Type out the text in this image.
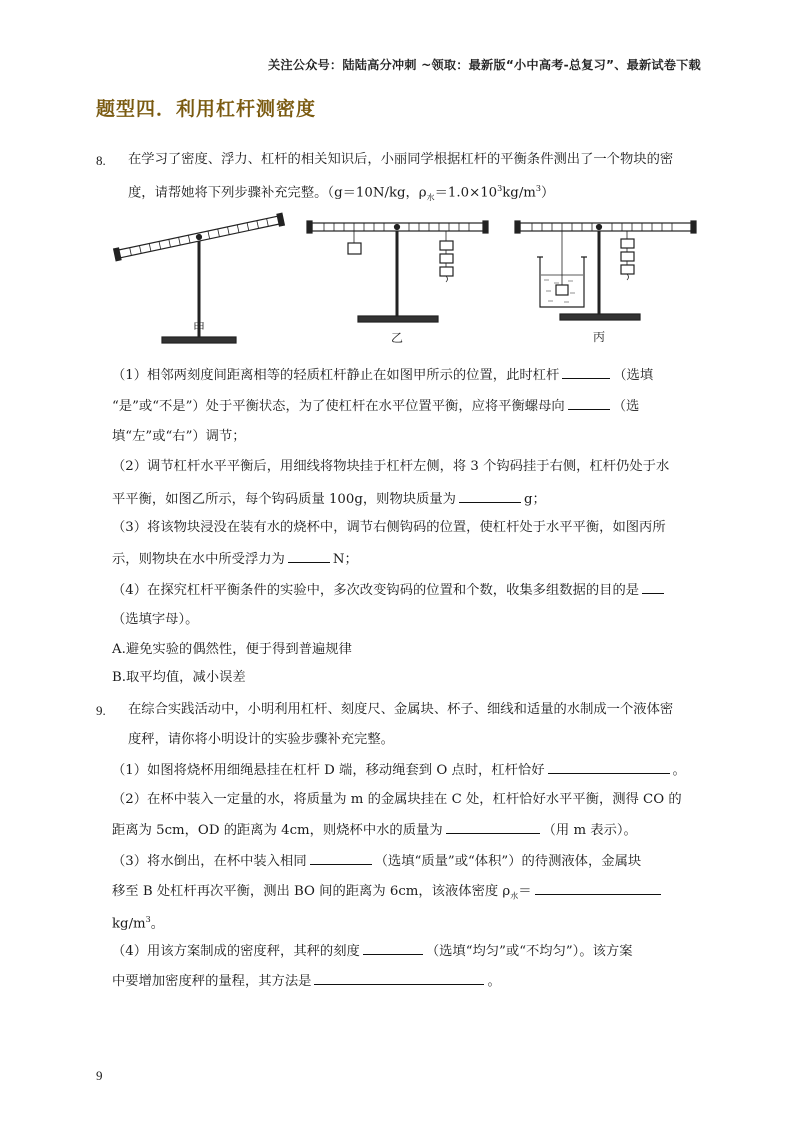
关注公众号：陆陆高分冲刺 ~领取：最新版“小中高考-总复习”、最新试卷下载
题型四．利用杠杆测密度
8. 在学习了密度、浮力、杠杆的相关知识后，小丽同学根据杠杆的平衡条件测出了一个物块的密
度，请帮她将下列步骤补充完整。（g＝10N/kg，$\rho_水=1.0\times 10^3kg/m^3$）
甲
乙	丙
（1）相邻两刻度间距离相等的轻质杠杆静止在如图甲所示的位置，此时杠杆	（选填
“是”或“不是”）处于平衡状态，为了使杠杆在水平位置平衡，应将平衡螺母向	（选
填“左”或“右”）调节；
（2）调节杠杆水平平衡后，用细线将物块挂于杠杆左侧，将 3 个钩码挂于右侧，杠杆仍处于水
平平衡，如图乙所示，每个钩码质量 100g，则物块质量为	g；
（3）将该物块浸没在装有水的烧杯中，调节右侧钩码的位置，使杠杆处于水平平衡，如图丙所
示，则物块在水中所受浮力为	N；
（4）在探究杠杆平衡条件的实验中，多次改变钩码的位置和个数，收集多组数据的目的是
（选填字母）。
A.避免实验的偶然性，便于得到普遍规律
B.取平均值，减小误差
9. 在综合实践活动中，小明利用杠杆、刻度尺、金属块、杯子、细线和适量的水制成一个液体密
度秤，请你将小明设计的实验步骤补充完整。
（1）如图将烧杯用细绳悬挂在杠杆 D 端，移动绳套到 O 点时，杠杆恰好	。
（2）在杯中装入一定量的水，将质量为 m 的金属块挂在 C 处，杠杆恰好水平平衡，测得 CO 的
距离为 5cm，OD 的距离为 4cm，则烧杯中水的质量为	（用 m 表示）。
（3）将水倒出，在杯中装入相同	（选填“质量”或“体积”）的待测液体，金属块
移至 B 处杠杆再次平衡，测出 BO 间的距离为 6cm，该液体密度 $\rho_水=$
$kg/m^3$。
（4）用该方案制成的密度秤，其秤的刻度	（选填“均匀”或“不均匀”）。该方案
中要增加密度秤的量程，其方法是	。
9
